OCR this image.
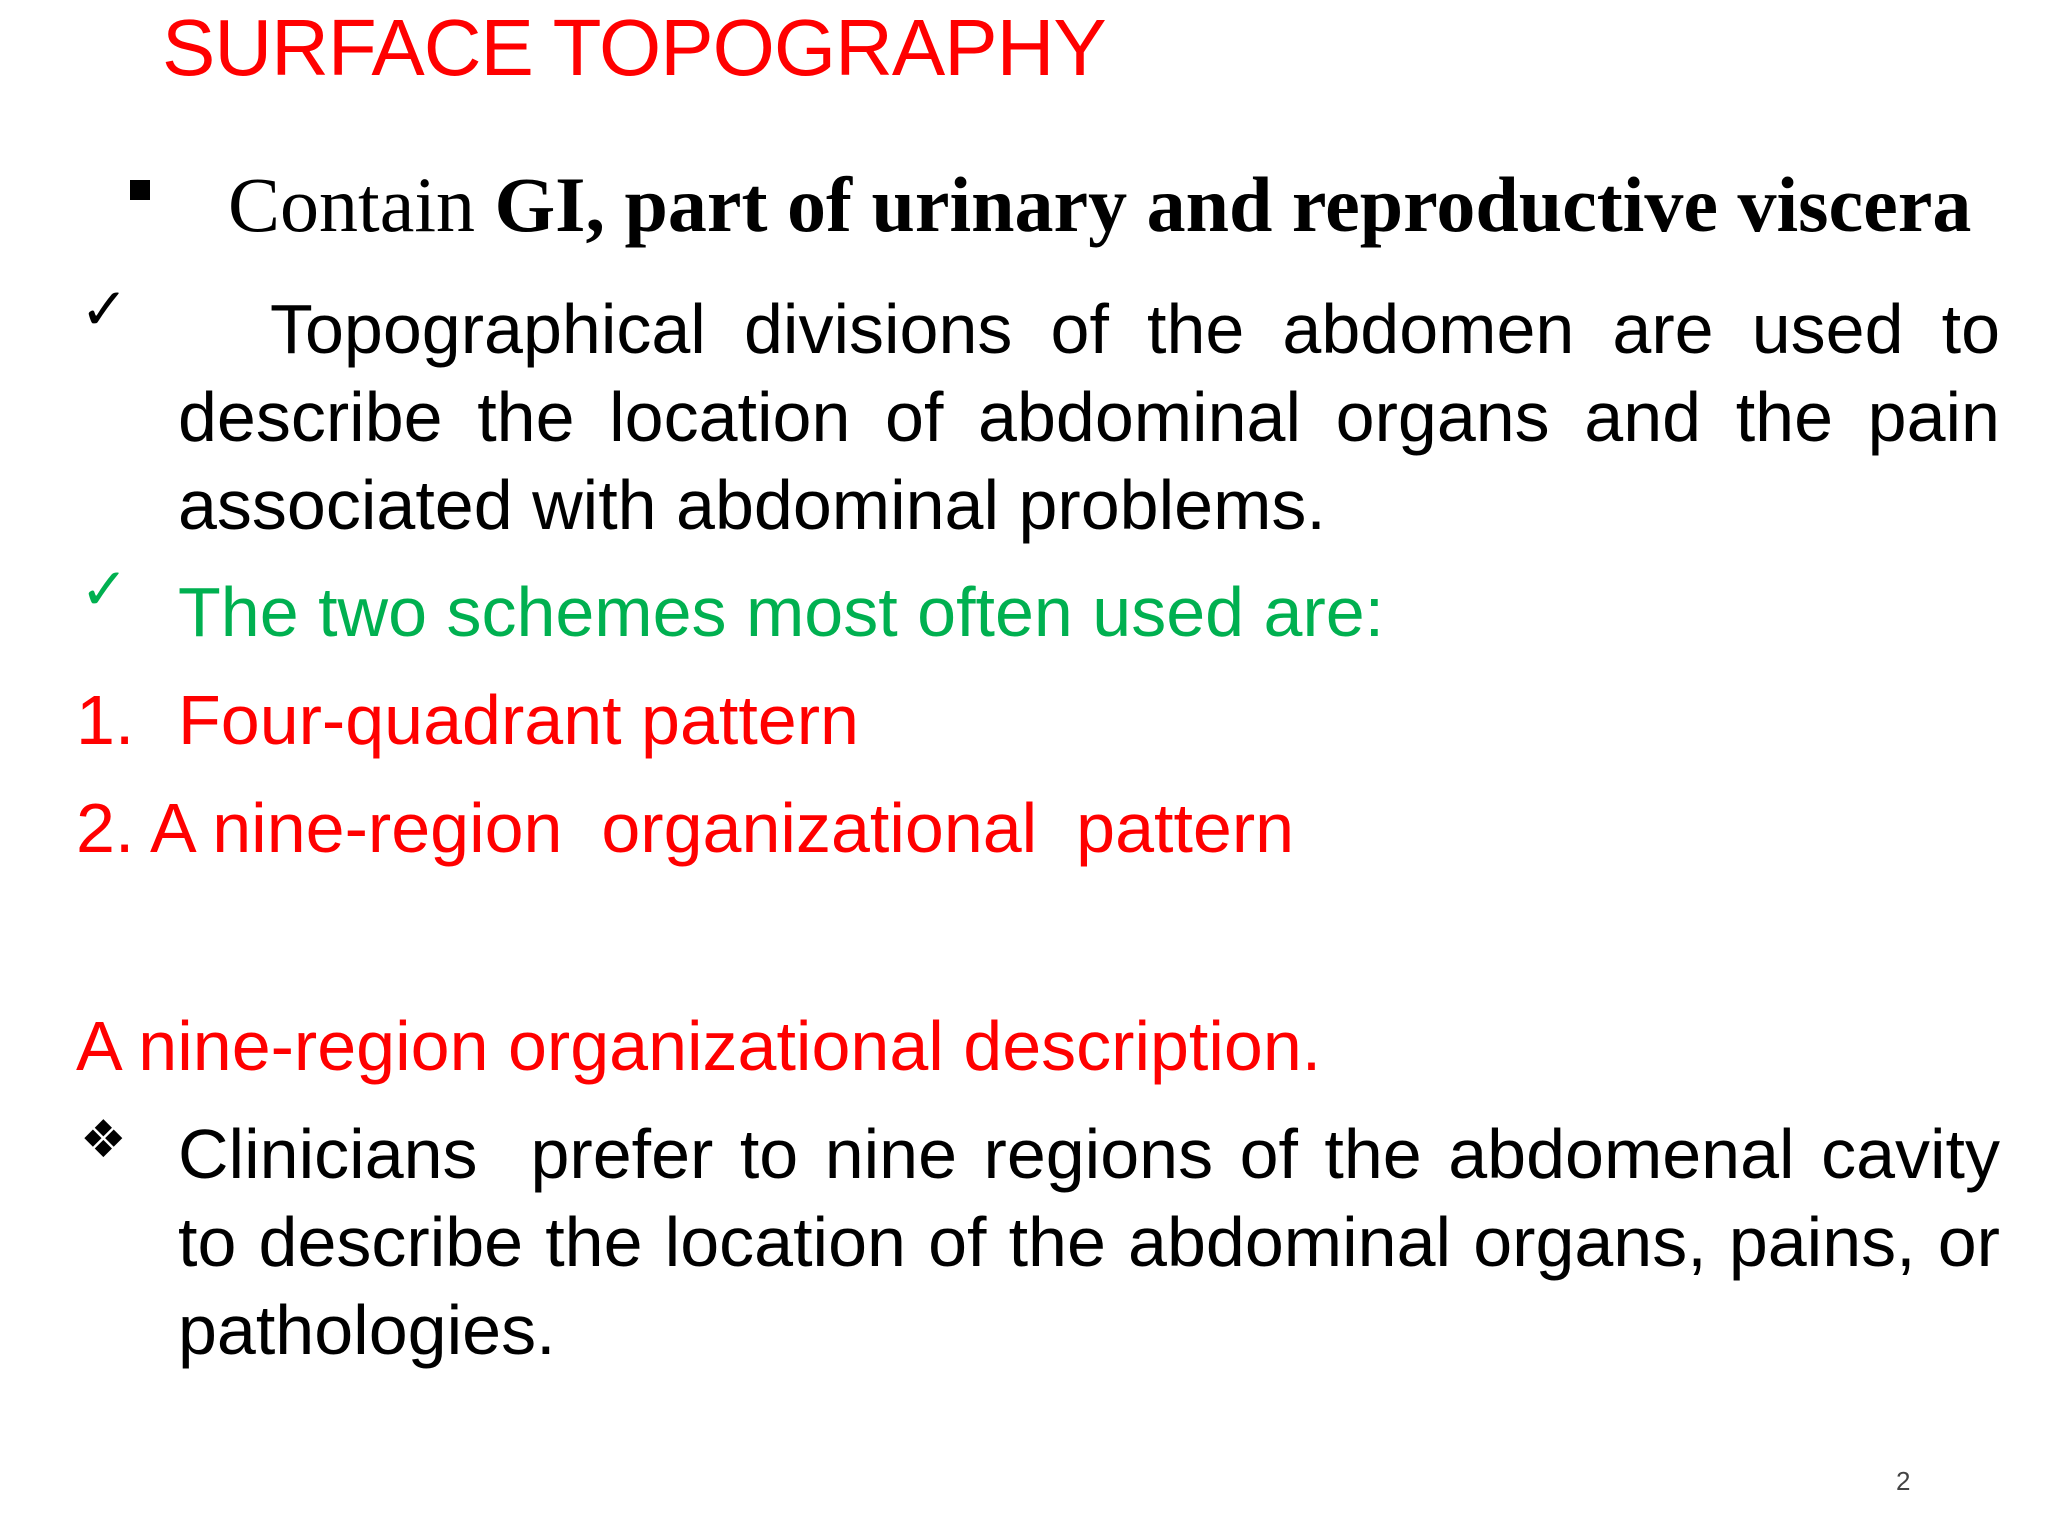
SURFACE TOPOGRAPHY
Contain GI, part of urinary and reproductive viscera
✓	Topographical divisions of the abdomen are used to describe the location of abdominal organs and the pain associated with abdominal problems.
✓ The two schemes most often used are:
1. Four-quadrant pattern
2. A nine-region  organizational  pattern
A nine-region organizational description.
❖ Clinicians  prefer to nine regions of the abdomenal cavity to describe the location of the abdominal organs, pains, or pathologies.
2
